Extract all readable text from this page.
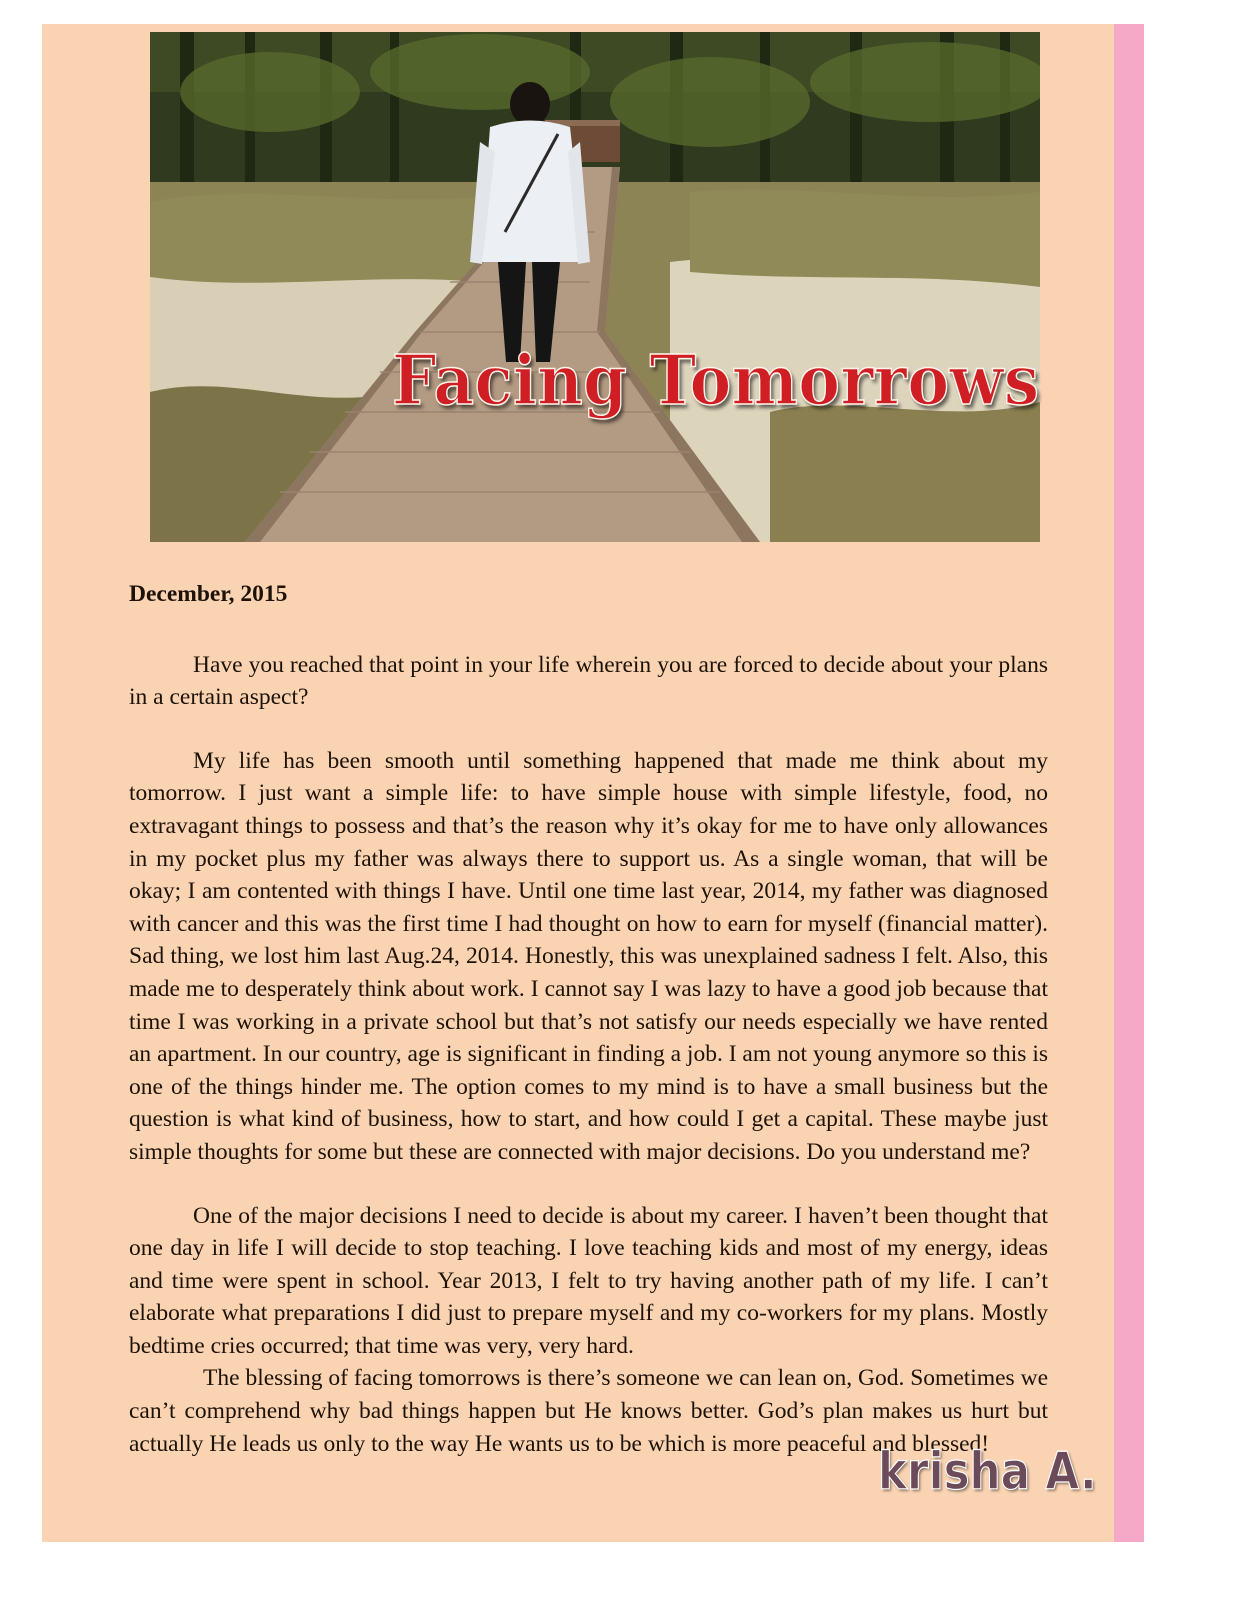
Facing Tomorrows

December, 2015

Have you reached that point in your life wherein you are forced to decide about your plans in a certain aspect?

My life has been smooth until something happened that made me think about my tomorrow. I just want a simple life: to have simple house with simple lifestyle, food, no extravagant things to possess and that’s the reason why it’s okay for me to have only allowances in my pocket plus my father was always there to support us. As a single woman, that will be okay; I am contented with things I have. Until one time last year, 2014, my father was diagnosed with cancer and this was the first time I had thought on how to earn for myself (financial matter). Sad thing, we lost him last Aug.24, 2014. Honestly, this was unexplained sadness I felt. Also, this made me to desperately think about work. I cannot say I was lazy to have a good job because that time I was working in a private school but that’s not satisfy our needs especially we have rented an apartment. In our country, age is significant in finding a job. I am not young anymore so this is one of the things hinder me. The option comes to my mind is to have a small business but the question is what kind of business, how to start, and how could I get a capital. These maybe just simple thoughts for some but these are connected with major decisions. Do you understand me?

One of the major decisions I need to decide is about my career. I haven’t been thought that one day in life I will decide to stop teaching. I love teaching kids and most of my energy, ideas and time were spent in school. Year 2013, I felt to try having another path of my life. I can’t elaborate what preparations I did just to prepare myself and my co-workers for my plans. Mostly bedtime cries occurred; that time was very, very hard.

The blessing of facing tomorrows is there’s someone we can lean on, God. Sometimes we can’t comprehend why bad things happen but He knows better. God’s plan makes us hurt but actually He leads us only to the way He wants us to be which is more peaceful and blessed!

krisha A.
